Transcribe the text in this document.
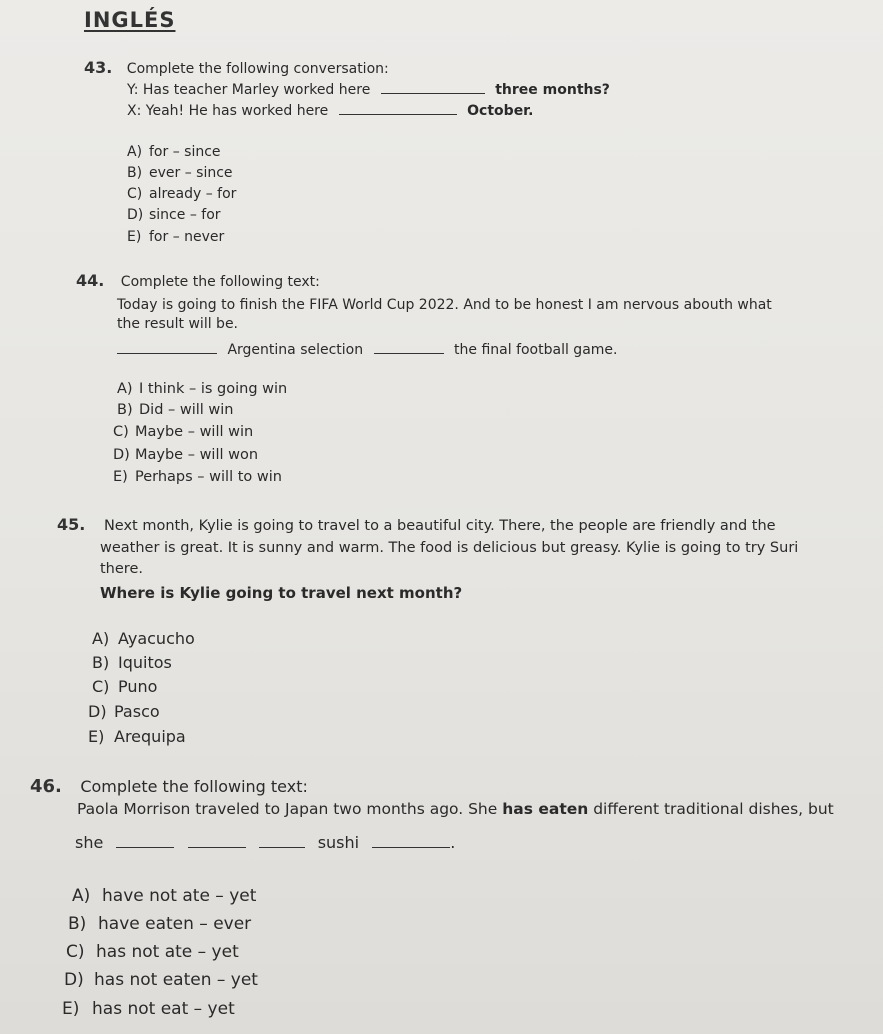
INGLÉS
43. Complete the following conversation:
Y: Has teacher Marley worked here	three months?
X: Yeah! He has worked here	October.
A) for – since
B) ever – since
C) already – for
D) since – for
E) for – never
44. Complete the following text:
Today is going to finish the FIFA World Cup 2022. And to be honest I am nervous abouth what
the result will be.
Argentina selection	the final football game.
A) I think – is going win
B) Did – will win
C) Maybe – will win
D) Maybe – will won
E) Perhaps – will to win
45. Next month, Kylie is going to travel to a beautiful city. There, the people are friendly and the
weather is great. It is sunny and warm. The food is delicious but greasy. Kylie is going to try Suri
there.
Where is Kylie going to travel next month?
A) Ayacucho
B) Iquitos
C) Puno
D) Pasco
E) Arequipa
46. Complete the following text:
Paola Morrison traveled to Japan two months ago. She has eaten different traditional dishes, but
she	sushi	.
A) have not ate – yet
B) have eaten – ever
C) has not ate – yet
D) has not eaten – yet
E) has not eat – yet
